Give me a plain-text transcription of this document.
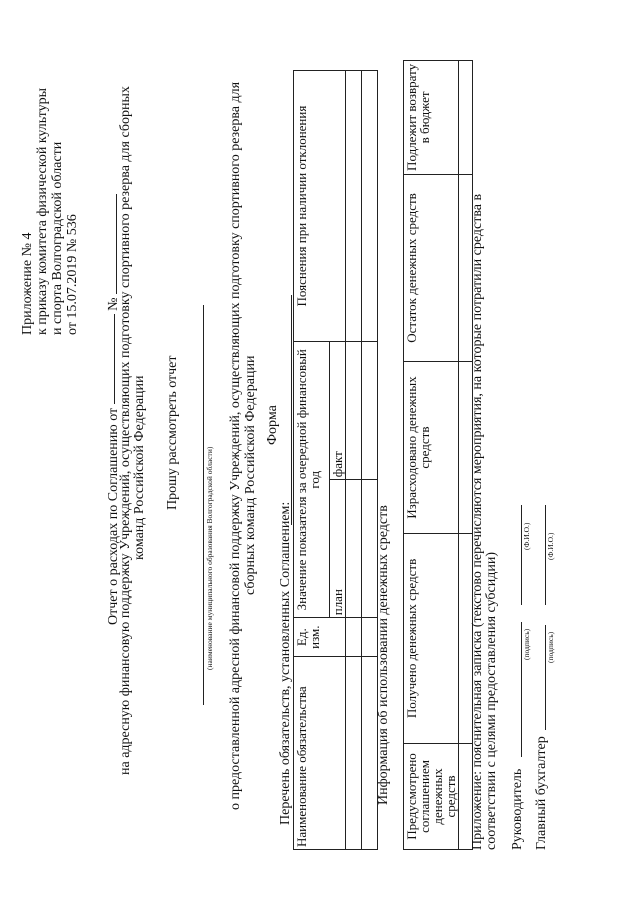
Приложение № 4 к приказу комитета физической культуры и спорта Волгоградской области от 15.07.2019 № 536
Отчет о расходах по Соглашению от  №
на адресную финансовую поддержку Учреждений, осуществляющих подготовку спортивного резерва для сборных команд Российской Федерации Прошу рассмотреть отчет
(наименование муниципального образования Волгоградской области) о предоставленной адресной финансовой поддержку Учреждений, осуществляющих подготовку спортивного резерва для сборных команд Российской Федерации Форма
Перечень обязательств, установленных Соглашением: Наименование обязательства	Ед. изм.	Значение показателя за очередной финансовый год		Пояснения при наличии отклонения
		план	факт	

Информация об использовании денежных средств Предусмотрено соглашением денежных средств	Получено денежных средств	Израсходовано денежных средств	Остаток денежных средств	Подлежит возврату в бюджет

Приложение: пояснительная записка (текстово перечисляются мероприятия, на которые потратили средства в соответствии с целями предоставления субсидии) Руководитель
(подпись)
(Ф.И.О.)
Главный бухгалтер
(подпись)
(Ф.И.О.)
